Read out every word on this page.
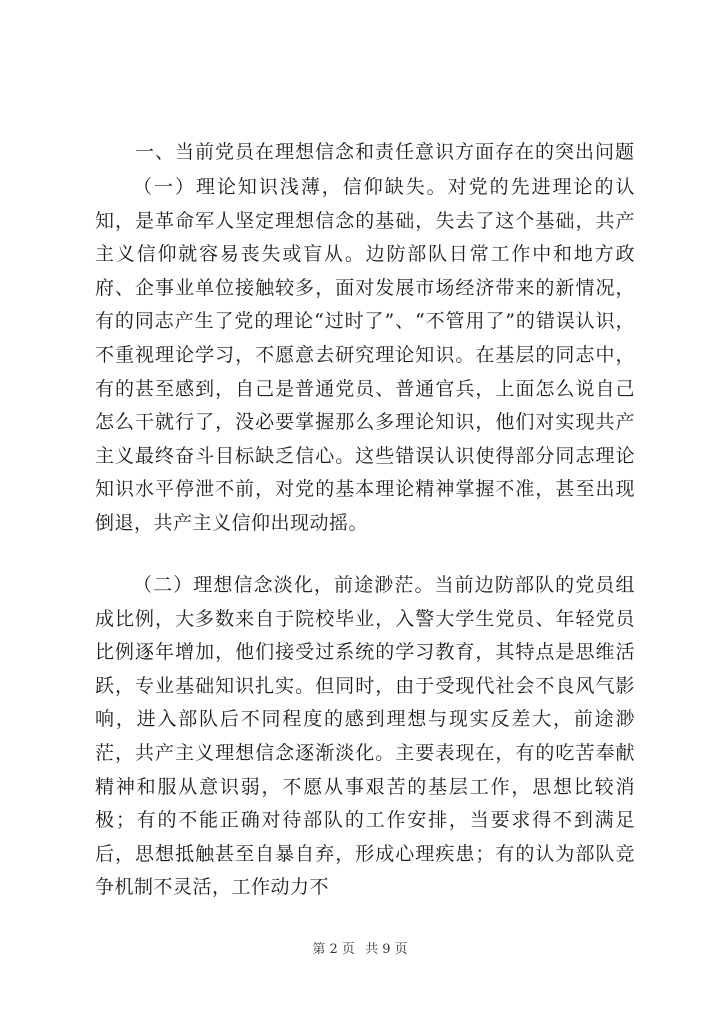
一、当前党员在理想信念和责任意识方面存在的突出问题

（一）理论知识浅薄，信仰缺失。对党的先进理论的认知，是革命军人坚定理想信念的基础，失去了这个基础，共产主义信仰就容易丧失或盲从。边防部队日常工作中和地方政府、企事业单位接触较多，面对发展市场经济带来的新情况，有的同志产生了党的理论“过时了”、“不管用了”的错误认识，不重视理论学习，不愿意去研究理论知识。在基层的同志中，有的甚至感到，自己是普通党员、普通官兵，上面怎么说自己怎么干就行了，没必要掌握那么多理论知识，他们对实现共产主义最终奋斗目标缺乏信心。这些错误认识使得部分同志理论知识水平停泄不前，对党的基本理论精神掌握不准，甚至出现倒退，共产主义信仰出现动摇。

（二）理想信念淡化，前途渺茫。当前边防部队的党员组成比例，大多数来自于院校毕业，入警大学生党员、年轻党员比例逐年增加，他们接受过系统的学习教育，其特点是思维活跃，专业基础知识扎实。但同时，由于受现代社会不良风气影响，进入部队后不同程度的感到理想与现实反差大，前途渺茫，共产主义理想信念逐渐淡化。主要表现在，有的吃苦奉献精神和服从意识弱，不愿从事艰苦的基层工作，思想比较消极；有的不能正确对待部队的工作安排，当要求得不到满足后，思想抵触甚至自暴自弃，形成心理疾患；有的认为部队竞争机制不灵活，工作动力不

第 2 页 共 9 页
